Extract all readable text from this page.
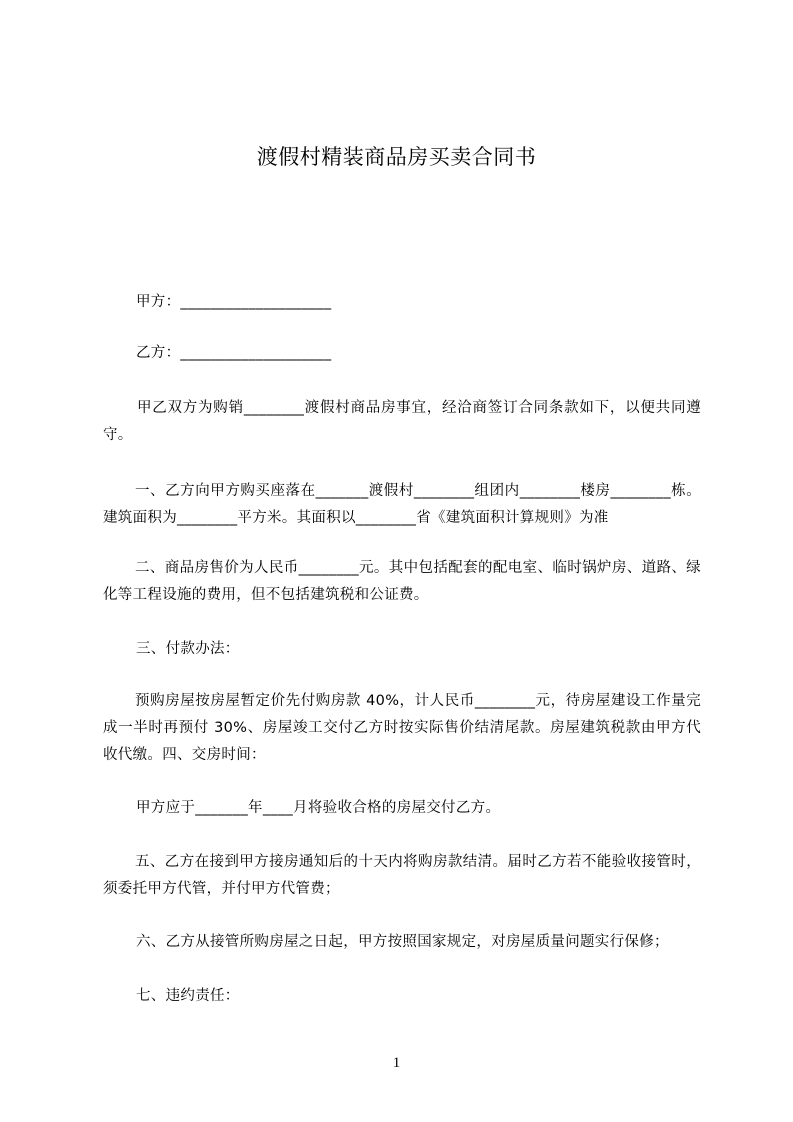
渡假村精装商品房买卖合同书
甲方：____________________
乙方：____________________
甲乙双方为购销________渡假村商品房事宜，经洽商签订合同条款如下，以便共同遵守。
一、乙方向甲方购买座落在_______渡假村________组团内________楼房________栋。建筑面积为________平方米。其面积以________省《建筑面积计算规则》为准
二、商品房售价为人民币________元。其中包括配套的配电室、临时锅炉房、道路、绿化等工程设施的费用，但不包括建筑税和公证费。
三、付款办法：
预购房屋按房屋暂定价先付购房款 40%，计人民币________元，待房屋建设工作量完成一半时再预付 30%、房屋竣工交付乙方时按实际售价结清尾款。房屋建筑税款由甲方代收代缴。四、交房时间：
甲方应于_______年____月将验收合格的房屋交付乙方。
五、乙方在接到甲方接房通知后的十天内将购房款结清。届时乙方若不能验收接管时，须委托甲方代管，并付甲方代管费；
六、乙方从接管所购房屋之日起，甲方按照国家规定，对房屋质量问题实行保修；
七、违约责任：
1
